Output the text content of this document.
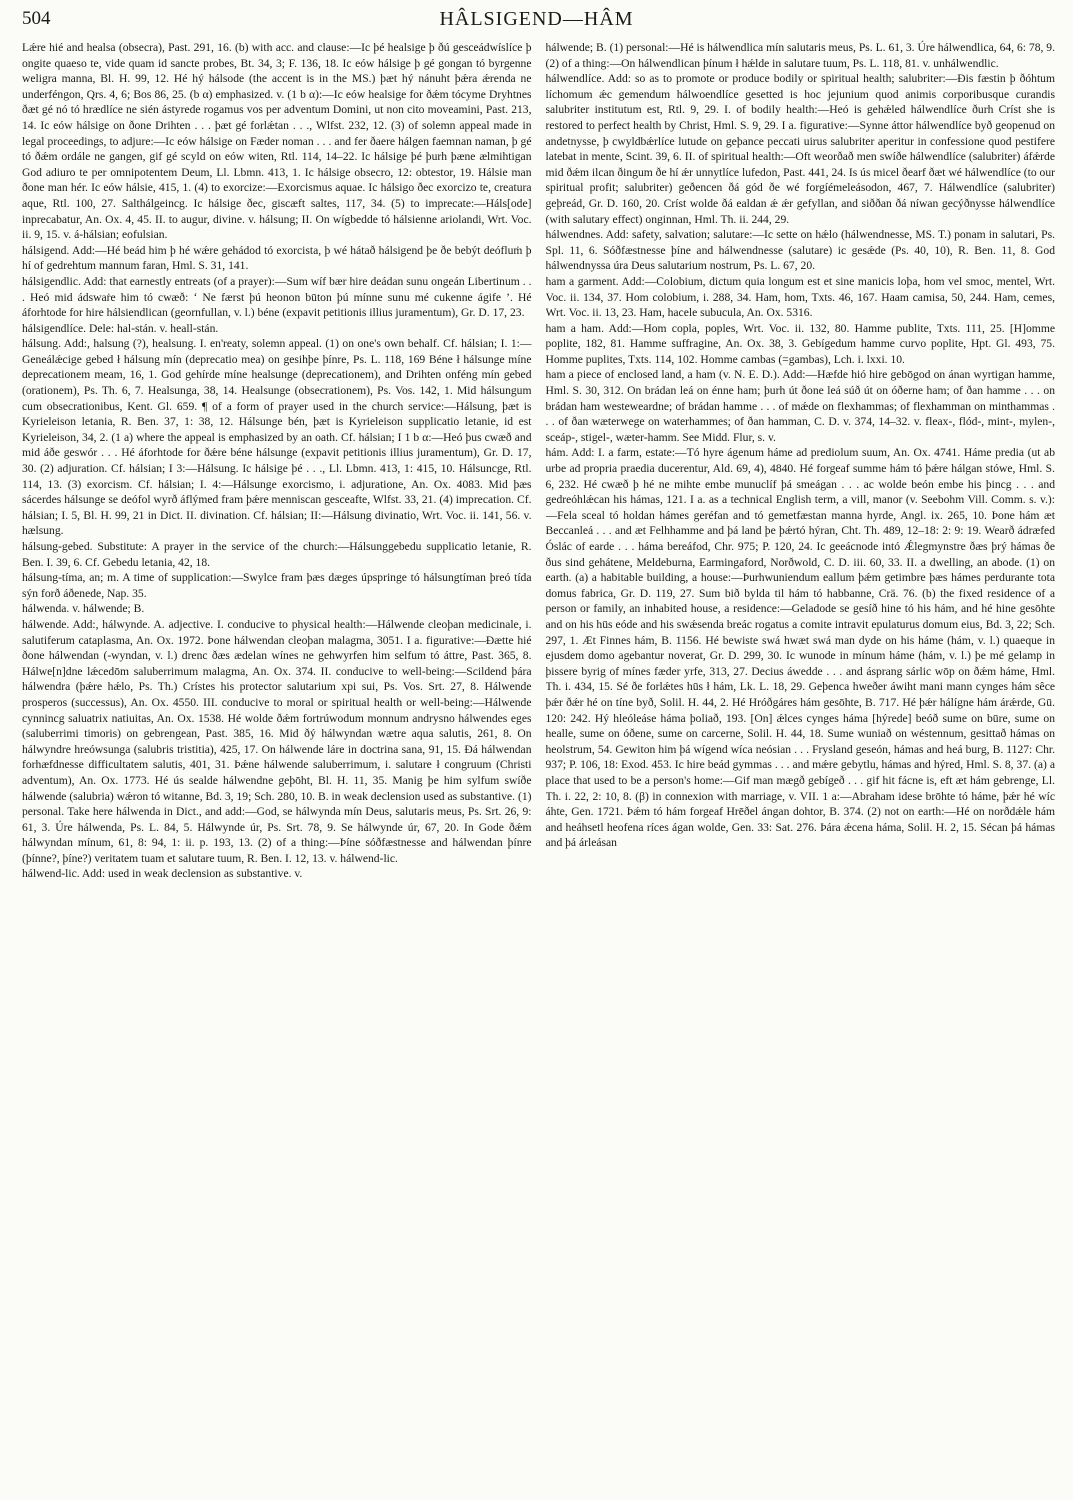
504	HÂLSIGEND—HÂM

Lǽre hié and healsa (obsecra), Past. 291, 16. (b) with acc. and clause:—Ic þé healsige þ ðú gesceádwíslíce þ ongite quaeso te, vide quam id sancte probes, Bt. 34, 3; F. 136, 18. Ic eów hálsige þ gé gongan tó byrgenne weligra manna, Bl. H. 99, 12. Hé hý hálsode (the accent is in the MS.) þæt hý nánuht þǽra ǽrenda ne underféngon, Qrs. 4, 6; Bos 86, 25. (b α) emphasized. v. (1 b α):—Ic eów healsige for ðǽm tócyme Dryhtnes ðæt gé nó tó hrædlíce ne sién ástyrede rogamus vos per adventum Domini, ut non cito moveamini, Past. 213, 14. Ic eów hálsige on ðone Drihten . . . þæt gé forlǽtan . . ., Wlfst. 232, 12. (3) of solemn appeal made in legal proceedings, to adjure:—Ic eów hálsige on Fæder noman . . . and fer ðaere hálgen faemnan naman, þ gé tó ðǽm ordále ne gangen, gif gé scyld on eów witen, Rtl. 114, 14–22. Ic hálsige þé þurh þæne ælmihtigan God adiuro te per omnipotentem Deum, Ll. Lbmn. 413, 1. Ic hálsige obsecro, 12: obtestor, 19. Hálsie man ðone man hér. Ic eów hálsie, 415, 1. (4) to exorcize:—Exorcismus aquae. Ic hálsigo ðec exorcizo te, creatura aque, Rtl. 100, 27. Salthálgeincg. Ic hálsige ðec, giscæft saltes, 117, 34. (5) to imprecate:—Háls[ode] inprecabatur, An. Ox. 4, 45. II. to augur, divine. v. hálsung; II. On wígbedde tó hálsienne ariolandi, Wrt. Voc. ii. 9, 15. v. á-hálsian; eofulsian.

hálsigend. Add:—Hé beád him þ hé wǽre gehádod tó exorcista, þ wé hátað hálsigend þe ðe bebýt deófluṁ þ hí of gedrehtum mannum faran, Hml. S. 31, 141.

hálsigendlic. Add: that earnestly entreats (of a prayer):—Sum wíf bær hire deádan sunu ongeán Libertinum . . . Heó mid ádswaṙe him tó cwæð: ‘ Ne færst þú heonon būton þú mínne sunu mé cukenne ágife ’. Hé áforhtode for hire hálsiendlican (geornfullan, v. l.) béne (expavit petitionis illius juramentum), Gr. D. 17, 23.

hálsigendlíce. Dele: hal-stán. v. heall-stán.

hálsung. Add:, halsung (?), healsung. I. en'reaty, solemn appeal. (1) on one's own behalf. Cf. hálsian; I. 1:—Geneálǽcige gebed ł hálsung mín (deprecatio mea) on gesihþe þínre, Ps. L. 118, 169 Béne ł hálsunge míne deprecationem meam, 16, 1. God gehírde míne healsunge (deprecationem), and Drihten onféng mín gebed (orationem), Ps. Th. 6, 7. Healsunga, 38, 14. Healsunge (obsecrationem), Ps. Vos. 142, 1. Mid hálsungum cum obsecrationibus, Kent. Gl. 659. ¶ of a form of prayer used in the church service:—Hálsung, þæt is Kyrieleison letania, R. Ben. 37, 1: 38, 12. Hálsunge bén, þæt is Kyrieleison supplicatio letanie, id est Kyrieleison, 34, 2. (1 a) where the appeal is emphasized by an oath. Cf. hálsian; I 1 b α:—Heó þus cwæð and mid áðe geswór . . . Hé áforhtode for ðǽre béne hálsunge (expavit petitionis illius juramentum), Gr. D. 17, 30. (2) adjuration. Cf. hálsian; I 3:—Hálsung. Ic hálsige þé . . ., Ll. Lbmn. 413, 1: 415, 10. Hálsuncge, Rtl. 114, 13. (3) exorcism. Cf. hálsian; I. 4:—Hálsunge exorcismo, i. adjuratione, An. Ox. 4083. Mid þæs sácerdes hálsunge se deófol wyrð áflýmed fram þǽre menniscan gesceafte, Wlfst. 33, 21. (4) imprecation. Cf. hálsian; I. 5, Bl. H. 99, 21 in Dict. II. divination. Cf. hálsian; II:—Hálsung divinatio, Wrt. Voc. ii. 141, 56. v. hælsung.

hálsung-gebed. Substitute: A prayer in the service of the church:—Hálsunggebedu supplicatio letanie, R. Ben. I. 39, 6. Cf. Gebedu letania, 42, 18.

hálsung-tíma, an; m. A time of supplication:—Swylce fram þæs dæges úpspringe tó hálsungtíman þreó tída sýn forð áðenede, Nap. 35.

hálwenda. v. hálwende; B.

hálwende. Add:, hálwynde. A. adjective. I. conducive to physical health:—Hálwende cleoþan medicinale, i. salutiferum cataplasma, An. Ox. 1972. Þone hálwendan cleoþan malagma, 3051. I a. figurative:—Ðætte hié ðone hálwendan (-wyndan, v. l.) drenc ðæs ædelan wínes ne gehwyrfen him selfum tó áttre, Past. 365, 8. Hálwe[n]dne lǽcedōm saluberrimum malagma, An. Ox. 374. II. conducive to well-being:—Scildend þára hálwendra (þǽre hǽlo, Ps. Th.) Crístes his protector salutarium xpi sui, Ps. Vos. Srt. 27, 8. Hálwende prosperos (successus), An. Ox. 4550. III. conducive to moral or spiritual health or well-being:—Hálwende cynnincg saluatrix natiuitas, An. Ox. 1538. Hé wolde ðǽm fortrúwodum monnum andrysno hálwendes eges (saluberrimi timoris) on gebrengean, Past. 385, 16. Mid ðý hálwyndan wætre aqua salutis, 261, 8. On hálwyndre hreówsunga (salubris tristitia), 425, 17. On hálwende láre in doctrina sana, 91, 15. Ðá hálwendan forhæfdnesse difficultatem salutis, 401, 31. Þǽne hálwende saluberrimum, i. salutare ł congruum (Christi adventum), An. Ox. 1773. Hé ús sealde hálwendne geþōht, Bl. H. 11, 35. Manig þe him sylfum swíðe hálwende (salubria) wǽron tó witanne, Bd. 3, 19; Sch. 280, 10. B. in weak declension used as substantive. (1) personal. Take here hálwenda in Dict., and add:—God, se hálwynda mín Deus, salutaris meus, Ps. Srt. 26, 9: 61, 3. Úre hálwenda, Ps. L. 84, 5. Hálwynde úr, Ps. Srt. 78, 9. Se hálwynde úr, 67, 20. In Gode ðǽm hálwyndan mínum, 61, 8: 94, 1: ii. p. 193, 13. (2) of a thing:—Þíne sóðfæstnesse and hálwendan þínre (þínne?, þíne?) veritatem tuam et salutare tuum, R. Ben. I. 12, 13. v. hálwend-lic.

hálwend-lic. Add: used in weak declension as substantive. v.

hálwende; B. (1) personal:—Hé is hálwendlica mín salutaris meus, Ps. L. 61, 3. Úre hálwendlica, 64, 6: 78, 9. (2) of a thing:—On hálwendlican þínum ł hǽlde in salutare tuum, Ps. L. 118, 81. v. unhálwendlic.

hálwendlíce. Add: so as to promote or produce bodily or spiritual health; salubriter:—Ðis fæstin þ ðóhtum líchomum ǽc gemendum hálwoendlíce gesetted is hoc jejunium quod animis corporibusque curandis salubriter institutum est, Rtl. 9, 29. I. of bodily health:—Heó is gehǽled hálwendlíce ðurh Críst she is restored to perfect health by Christ, Hml. S. 9, 29. I a. figurative:—Synne áttor hálwendlíce byð geopenud on andetnysse, þ cwyldbǽrlíce lutude on geþance peccati uirus salubriter aperitur in confessione quod pestifere latebat in mente, Scint. 39, 6. II. of spiritual health:—Oft weorðað men swíðe hálwendlíce (salubriter) áfǽrde mid ðǽm ilcan ðingum ðe hí ǽr unnytlíce lufedon, Past. 441, 24. Is ús micel ðearf ðæt wé hálwendlíce (to our spiritual profit; salubriter) geðencen ðá gód ðe wé forgíémeleásodon, 467, 7. Hálwendlíce (salubriter) geþreád, Gr. D. 160, 20. Críst wolde ðá ealdan ǽ ǽr gefyllan, and siððan ðá níwan gecýðnysse hálwendlíce (with salutary effect) onginnan, Hml. Th. ii. 244, 29.

hálwendnes. Add: safety, salvation; salutare:—Ic sette on hǽlo (hálwendnesse, MS. T.) ponam in salutari, Ps. Spl. 11, 6. Sóðfæstnesse þíne and hálwendnesse (salutare) ic gesǽde (Ps. 40, 10), R. Ben. 11, 8. God hálwendnyssa úra Deus salutarium nostrum, Ps. L. 67, 20.

ham a garment. Add:—Colobium, dictum quia longum est et sine manicis loþa, hom vel smoc, mentel, Wrt. Voc. ii. 134, 37. Hom colobium, i. 288, 34. Ham, hom, Txts. 46, 167. Haam camisa, 50, 244. Ham, cemes, Wrt. Voc. ii. 13, 23. Ham, hacele subucula, An. Ox. 5316.

ham a ham. Add:—Hom copla, poples, Wrt. Voc. ii. 132, 80. Hamme publite, Txts. 111, 25. [H]omme poplite, 182, 81. Hamme suffragine, An. Ox. 38, 3. Gebígedum hamme curvo poplite, Hpt. Gl. 493, 75. Homme puplites, Txts. 114, 102. Homme cambas (=gambas), Lch. i. lxxi. 10.

ham a piece of enclosed land, a ham (v. N. E. D.). Add:—Hæfde hió hire gebōgod on ánan wyrtigan hamme, Hml. S. 30, 312. On brádan leá on énne ham; þurh út ðone leá súð út on óðerne ham; of ðan hamme . . . on brádan ham westeweardne; of brádan hamme . . . of mǽde on flexhammas; of flexhamman on minthammas . . . of ðan wæterwege on waterhammes; of ðan hamman, C. D. v. 374, 14–32. v. fleax-, flód-, mint-, mylen-, sceáp-, stigel-, wæter-hamm. See Midd. Flur, s. v.

hám. Add: I. a farm, estate:—Tó hyre ágenum háme ad prediolum suum, An. Ox. 4741. Háme predia (ut ab urbe ad propria praedia ducerentur, Ald. 69, 4), 4840. Hé forgeaf summe hám tó þǽre hálgan stówe, Hml. S. 6, 232. Hé cwæð þ hé ne mihte embe munuclíf þá smeágan . . . ac wolde beón embe his þincg . . . and gedreóhlǽcan his hámas, 121. I a. as a technical English term, a vill, manor (v. Seebohm Vill. Comm. s. v.):—Fela sceal tó holdan hámes geréfan and tó gemetfæstan manna hyrde, Angl. ix. 265, 10. Þone hám æt Beccanleá . . . and æt Felhhamme and þá land þe þǽrtó hýran, Cht. Th. 489, 12–18: 2: 9: 19. Wearð ádræfed Óslác of earde . . . háma bereáfod, Chr. 975; P. 120, 24. Ic geeácnode intó Ǽlegmynstre ðæs þrý hámas ðe ðus sind gehátene, Meldeburna, Earmingaford, Norðwold, C. D. iii. 60, 33. II. a dwelling, an abode. (1) on earth. (a) a habitable building, a house:—Þurhwuniendum eallum þǽm getimbre þæs hámes perdurante tota domus fabrica, Gr. D. 119, 27. Sum bið bylda til hám tó habbanne, Crä. 76. (b) the fixed residence of a person or family, an inhabited house, a residence:—Geladode se gesíð hine tó his hám, and hé hine gesōhte and on his hūs eóde and his swǽsenda breác rogatus a comite intravit epulaturus domum eius, Bd. 3, 22; Sch. 297, 1. Æt Finnes hám, B. 1156. Hé bewiste swá hwæt swá man dyde on his háme (hám, v. l.) quaeque in ejusdem domo agebantur noverat, Gr. D. 299, 30. Ic wunode in mínum háme (hám, v. l.) þe mé gelamp in þissere byrig of mínes fæder yrfe, 313, 27. Decius áwedde . . . and ásprang sárlic wōp on ðǽm háme, Hml. Th. i. 434, 15. Sé ðe forlǽtes hūs ł hám, Lk. L. 18, 29. Geþenca hweðer áwiht mani mann cynges hám sêce þǽr ðǽr hé on tíne byð, Solil. H. 44, 2. Hé Hróðgáres hám gesōhte, B. 717. Hé þǽr hálígne hám árǽrde, Gū. 120: 242. Hý hleóleáse háma þoliað, 193. [On] ǽlces cynges háma [hýrede] beóð sume on būre, sume on healle, sume on óðene, sume on carcerne, Solil. H. 44, 18. Sume wuniað on wéstennum, gesittað hámas on heolstrum, 54. Gewiton him þá wígend wíca neósian . . . Frysland geseón, hámas and heá burg, B. 1127: Chr. 937; P. 106, 18: Exod. 453. Ic hire beád gymmas . . . and mǽre gebytlu, hámas and hýred, Hml. S. 8, 37. (a) a place that used to be a person's home:—Gif man mægð gebígeð . . . gif hit fácne is, eft æt hám gebrenge, Ll. Th. i. 22, 2: 10, 8. (β) in connexion with marriage, v. VII. 1 a:—Abraham idese brōhte tó háme, þǽr hé wíc áhte, Gen. 1721. Þǽm tó hám forgeaf Hrēðel ángan dohtor, B. 374. (2) not on earth:—Hé on norðdǽle hám and heáhsetl heofena ríces ágan wolde, Gen. 33: Sat. 276. Þára ǽcena háma, Solil. H. 2, 15. Sécan þá hámas and þá árleásan
